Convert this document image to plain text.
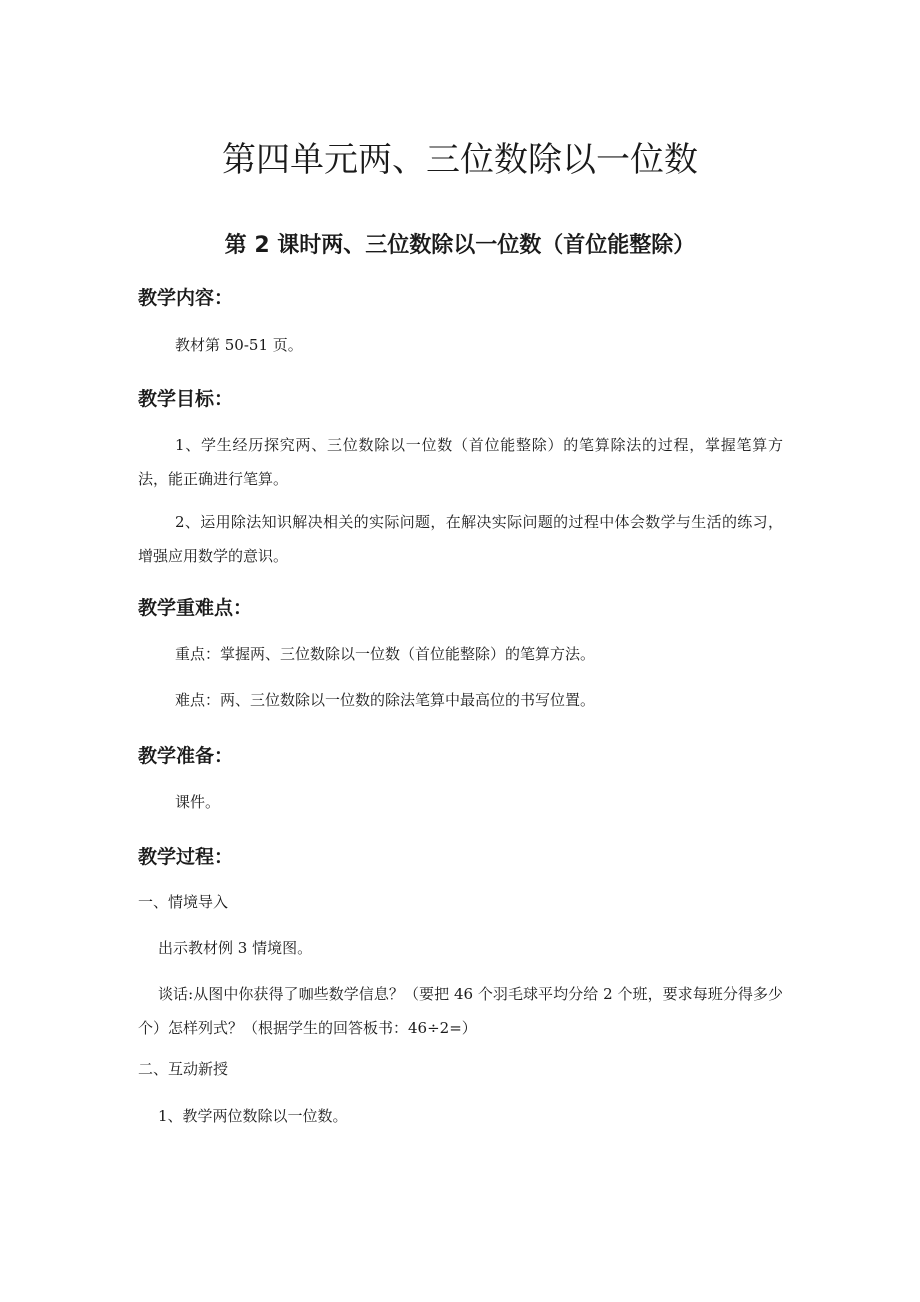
第四单元两、三位数除以一位数
第 2 课时两、三位数除以一位数（首位能整除）
教学内容：

教材第 50-51 页。

教学目标：

1、学生经历探究两、三位数除以一位数（首位能整除）的笔算除法的过程，掌握笔算方法，能正确进行笔算。

2、运用除法知识解决相关的实际问题，在解决实际问题的过程中体会数学与生活的练习，增强应用数学的意识。

教学重难点：

重点：掌握两、三位数除以一位数（首位能整除）的笔算方法。

难点：两、三位数除以一位数的除法笔算中最高位的书写位置。

教学准备：

课件。

教学过程：

一、情境导入

出示教材例 3 情境图。

谈话:从图中你获得了咖些数学信息？（要把 46 个羽毛球平均分给 2 个班，要求每班分得多少个）怎样列式？（根据学生的回答板书：46÷2=）

二、互动新授

1、教学两位数除以一位数。
